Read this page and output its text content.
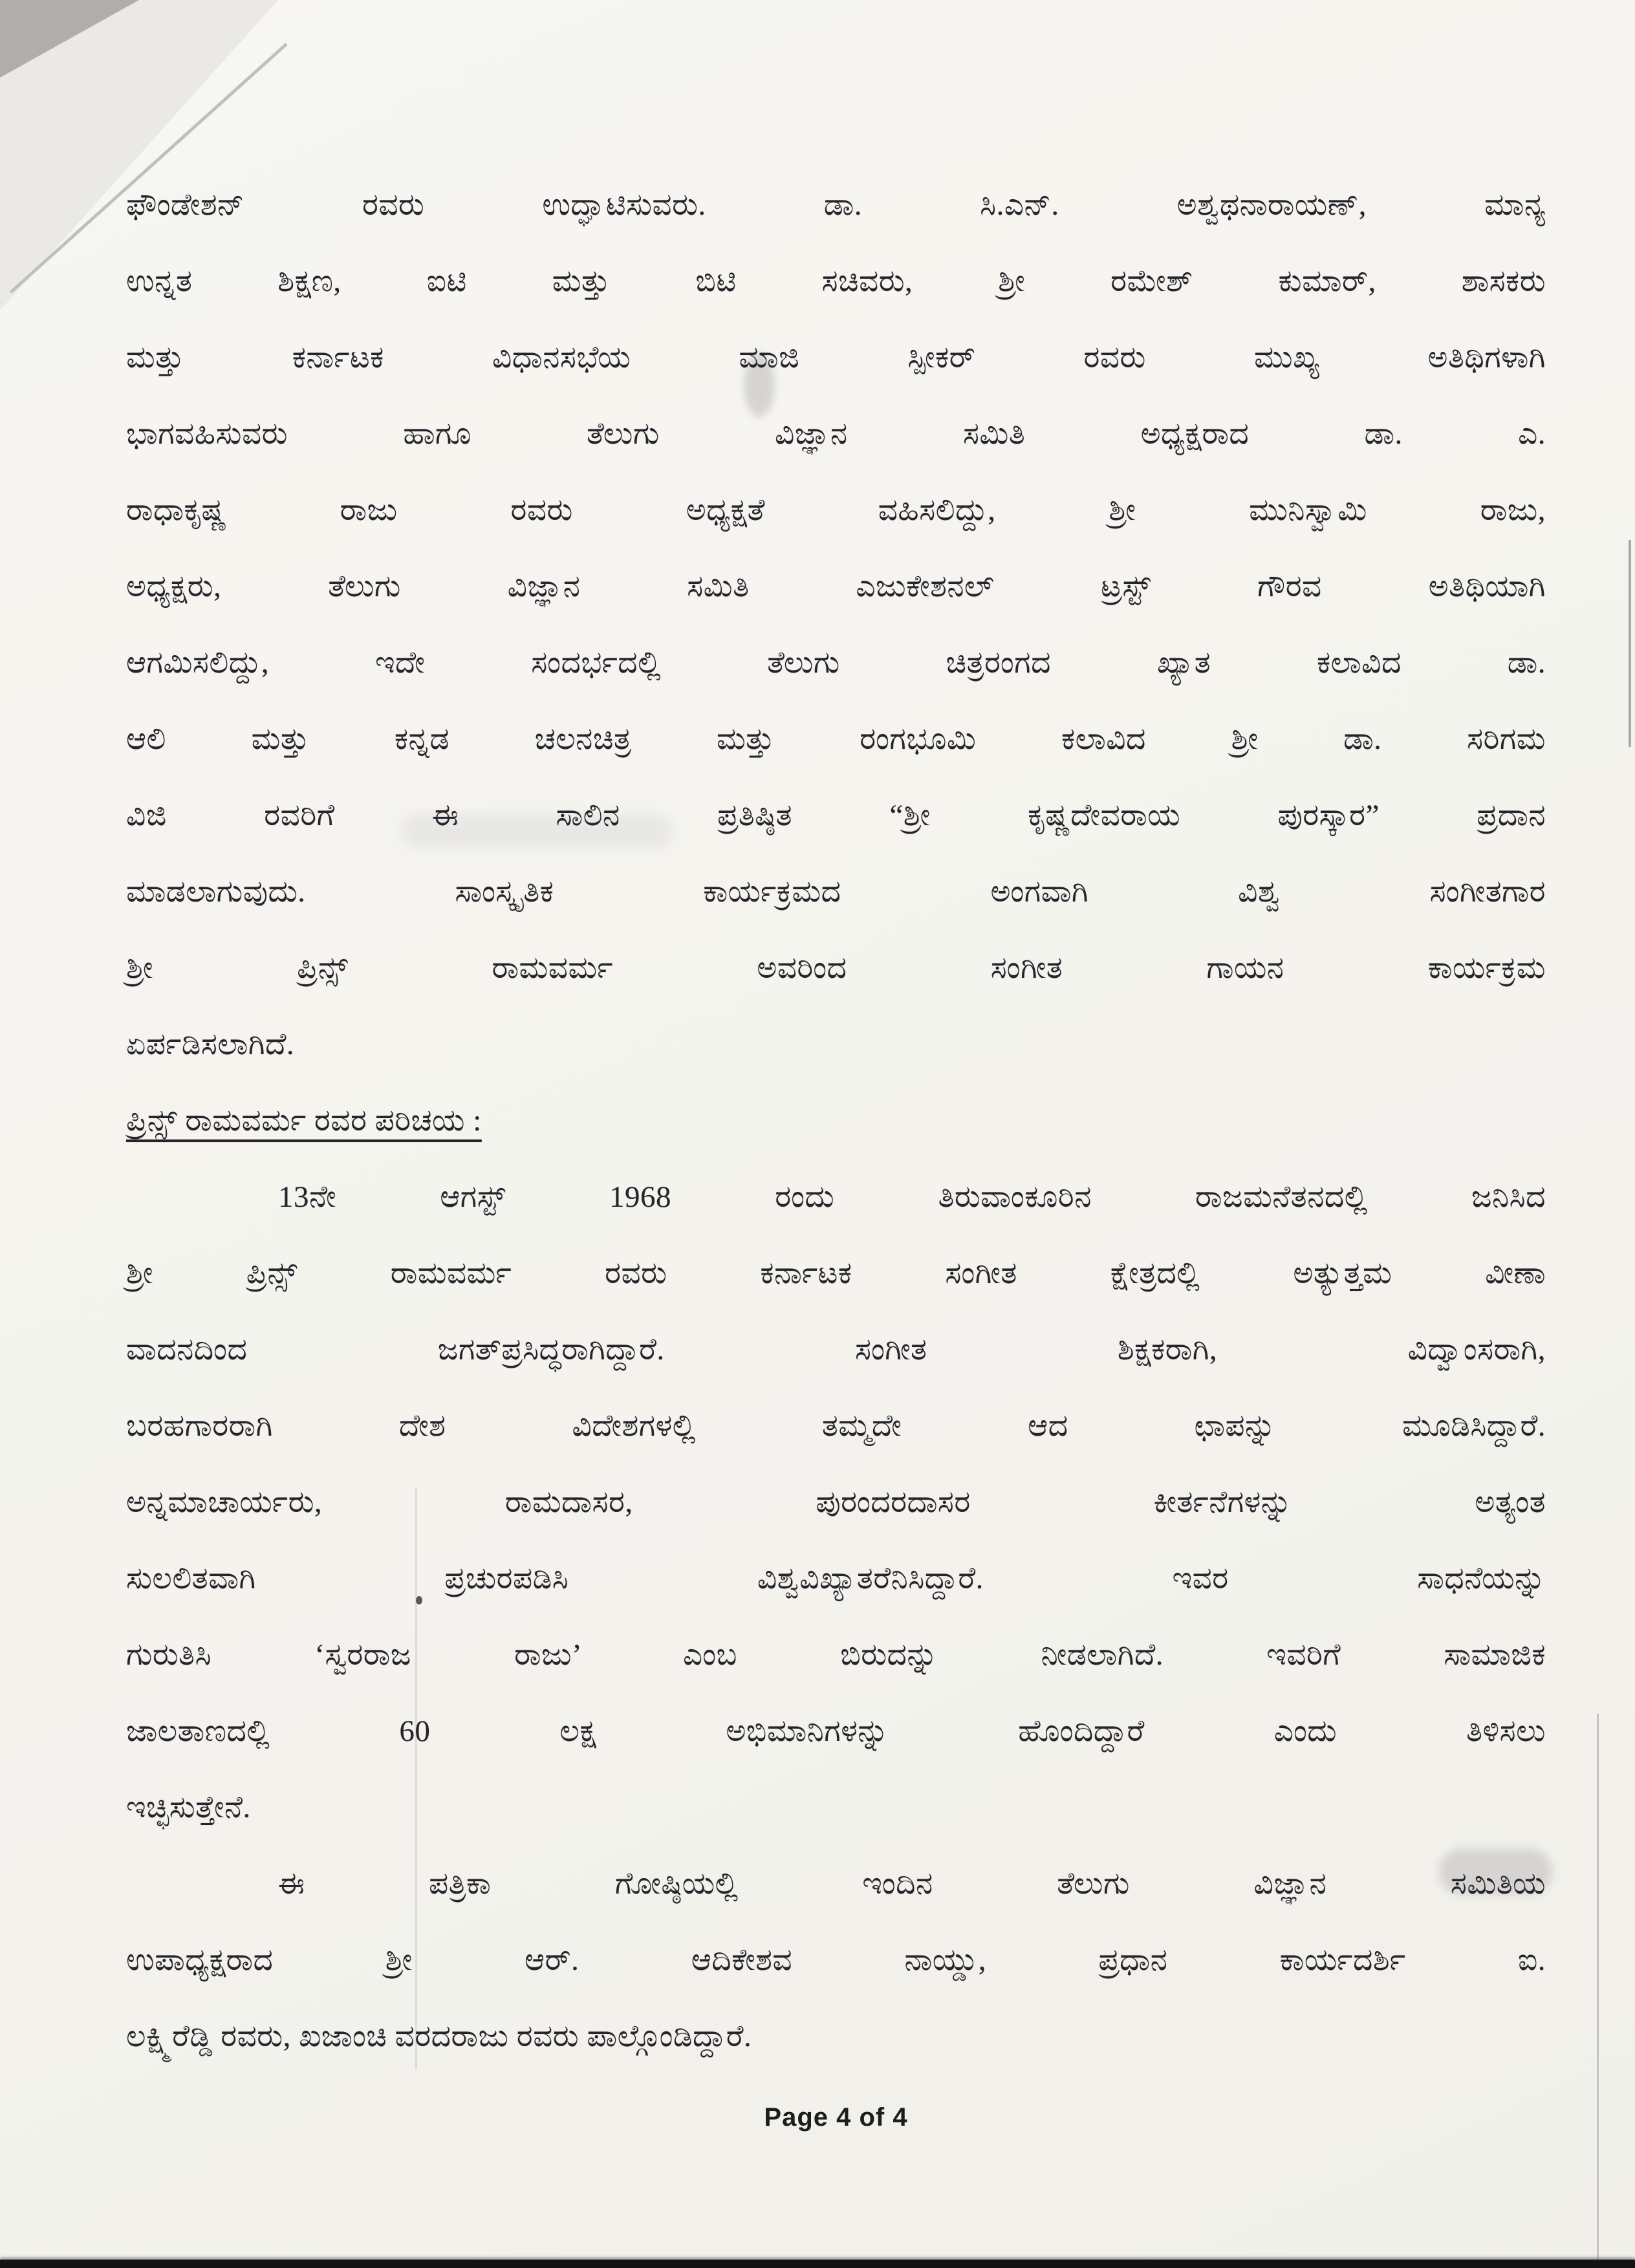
ಫೌಂಡೇಶನ್ ರವರು ಉದ್ಘಾಟಿಸುವರು. ಡಾ. ಸಿ.ಎನ್. ಅಶ್ವಥನಾರಾಯಣ್, ಮಾನ್ಯ
ಉನ್ನತ ಶಿಕ್ಷಣ, ಐಟಿ ಮತ್ತು ಬಿಟಿ ಸಚಿವರು, ಶ್ರೀ ರಮೇಶ್ ಕುಮಾರ್, ಶಾಸಕರು
ಮತ್ತು ಕರ್ನಾಟಕ ವಿಧಾನಸಭೆಯ ಮಾಜಿ ಸ್ಪೀಕರ್ ರವರು ಮುಖ್ಯ ಅತಿಥಿಗಳಾಗಿ
ಭಾಗವಹಿಸುವರು ಹಾಗೂ ತೆಲುಗು ವಿಜ್ಞಾನ ಸಮಿತಿ ಅಧ್ಯಕ್ಷರಾದ ಡಾ. ಎ.
ರಾಧಾಕೃಷ್ಣ ರಾಜು ರವರು ಅಧ್ಯಕ್ಷತೆ ವಹಿಸಲಿದ್ದು, ಶ್ರೀ ಮುನಿಸ್ವಾಮಿ ರಾಜು,
ಅಧ್ಯಕ್ಷರು, ತೆಲುಗು ವಿಜ್ಞಾನ ಸಮಿತಿ ಎಜುಕೇಶನಲ್ ಟ್ರಸ್ಟ್ ಗೌರವ ಅತಿಥಿಯಾಗಿ
ಆಗಮಿಸಲಿದ್ದು, ಇದೇ ಸಂದರ್ಭದಲ್ಲಿ ತೆಲುಗು ಚಿತ್ರರಂಗದ ಖ್ಯಾತ ಕಲಾವಿದ ಡಾ.
ಆಲಿ ಮತ್ತು ಕನ್ನಡ ಚಲನಚಿತ್ರ ಮತ್ತು ರಂಗಭೂಮಿ ಕಲಾವಿದ ಶ್ರೀ ಡಾ. ಸರಿಗಮ
ವಿಜಿ ರವರಿಗೆ ಈ ಸಾಲಿನ ಪ್ರತಿಷ್ಠಿತ “ಶ್ರೀ ಕೃಷ್ಣದೇವರಾಯ ಪುರಸ್ಕಾರ” ಪ್ರದಾನ
ಮಾಡಲಾಗುವುದು. ಸಾಂಸ್ಕೃತಿಕ ಕಾರ್ಯಕ್ರಮದ ಅಂಗವಾಗಿ ವಿಶ್ವ ಸಂಗೀತಗಾರ
ಶ್ರೀ ಪ್ರಿನ್ಸ್ ರಾಮವರ್ಮ ಅವರಿಂದ ಸಂಗೀತ ಗಾಯನ ಕಾರ್ಯಕ್ರಮ
ಏರ್ಪಡಿಸಲಾಗಿದೆ.
ಪ್ರಿನ್ಸ್ ರಾಮವರ್ಮ ರವರ ಪರಿಚಯ :
13ನೇ ಆಗಸ್ಟ್ 1968 ರಂದು ತಿರುವಾಂಕೂರಿನ ರಾಜಮನೆತನದಲ್ಲಿ ಜನಿಸಿದ
ಶ್ರೀ ಪ್ರಿನ್ಸ್ ರಾಮವರ್ಮ ರವರು ಕರ್ನಾಟಕ ಸಂಗೀತ ಕ್ಷೇತ್ರದಲ್ಲಿ ಅತ್ಯುತ್ತಮ ವೀಣಾ
ವಾದನದಿಂದ ಜಗತ್‌ಪ್ರಸಿದ್ಧರಾಗಿದ್ದಾರೆ. ಸಂಗೀತ ಶಿಕ್ಷಕರಾಗಿ, ವಿದ್ವಾಂಸರಾಗಿ,
ಬರಹಗಾರರಾಗಿ ದೇಶ ವಿದೇಶಗಳಲ್ಲಿ ತಮ್ಮದೇ ಆದ ಛಾಪನ್ನು ಮೂಡಿಸಿದ್ದಾರೆ.
ಅನ್ನಮಾಚಾರ್ಯರು, ರಾಮದಾಸರ, ಪುರಂದರದಾಸರ ಕೀರ್ತನೆಗಳನ್ನು ಅತ್ಯಂತ
ಸುಲಲಿತವಾಗಿ ಪ್ರಚುರಪಡಿಸಿ ವಿಶ್ವವಿಖ್ಯಾತರೆನಿಸಿದ್ದಾರೆ. ಇವರ ಸಾಧನೆಯನ್ನು
ಗುರುತಿಸಿ ‘ಸ್ವರರಾಜ ರಾಜು’ ಎಂಬ ಬಿರುದನ್ನು ನೀಡಲಾಗಿದೆ. ಇವರಿಗೆ ಸಾಮಾಜಿಕ
ಜಾಲತಾಣದಲ್ಲಿ 60 ಲಕ್ಷ ಅಭಿಮಾನಿಗಳನ್ನು ಹೊಂದಿದ್ದಾರೆ ಎಂದು ತಿಳಿಸಲು
ಇಚ್ಛಿಸುತ್ತೇನೆ.
ಈ ಪತ್ರಿಕಾ ಗೋಷ್ಠಿಯಲ್ಲಿ ಇಂದಿನ ತೆಲುಗು ವಿಜ್ಞಾನ ಸಮಿತಿಯ
ಉಪಾಧ್ಯಕ್ಷರಾದ ಶ್ರೀ ಆರ್. ಆದಿಕೇಶವ ನಾಯ್ಡು, ಪ್ರಧಾನ ಕಾರ್ಯದರ್ಶಿ ಐ.
ಲಕ್ಷ್ಮಿರೆಡ್ಡಿ ರವರು, ಖಜಾಂಚಿ ವರದರಾಜು ರವರು ಪಾಲ್ಗೊಂಡಿದ್ದಾರೆ.
Page 4 of 4
